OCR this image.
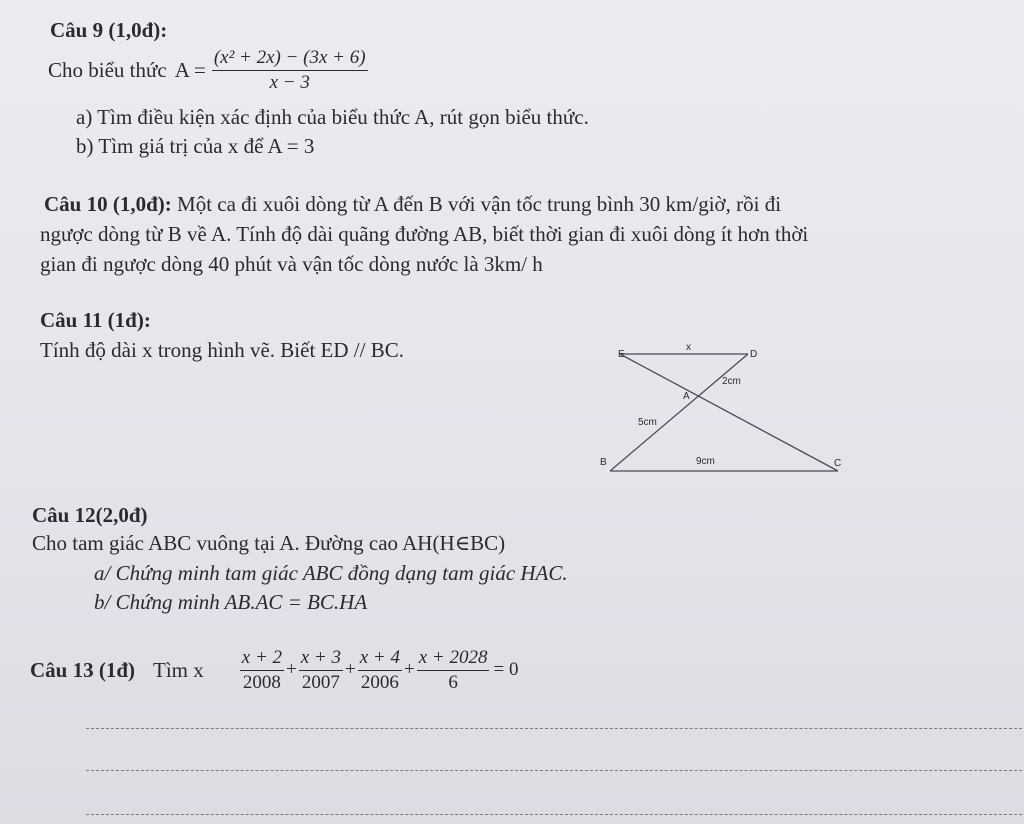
Câu 9 (1,0đ):
Cho biểu thức $A = \frac{\text{(x² + 2x) − (3x + 6)}}{x - 3}$
a) Tìm điều kiện xác định của biểu thức A, rút gọn biểu thức.
b) Tìm giá trị của x để A = 3
Câu 10 (1,0đ): Một ca đi xuôi dòng từ A đến B với vận tốc trung bình 30 km/giờ, rồi đi
ngược dòng từ B về A. Tính độ dài quãng đường AB, biết thời gian đi xuôi dòng ít hơn thời
gian đi ngược dòng 40 phút và vận tốc dòng nước là 3km/ h
Câu 11 (1đ):
Tính độ dài x trong hình vẽ. Biết ED // BC.	E
x
D
2cm
A
5cm
B	9cm	C
Câu 12(2,0đ)
Cho tam giác ABC vuông tại A. Đường cao AH(H∈BC)
a/ Chứng minh tam giác ABC đồng dạng tam giác HAC.
b/ Chứng minh AB.AC = BC.HA
Câu 13 (1đ) Tìm x $\frac{x + 2}{2008} + \frac{x + 3}{2007} + \frac{x + 4}{2006} + \frac{x + 2028}{6} = 0$
